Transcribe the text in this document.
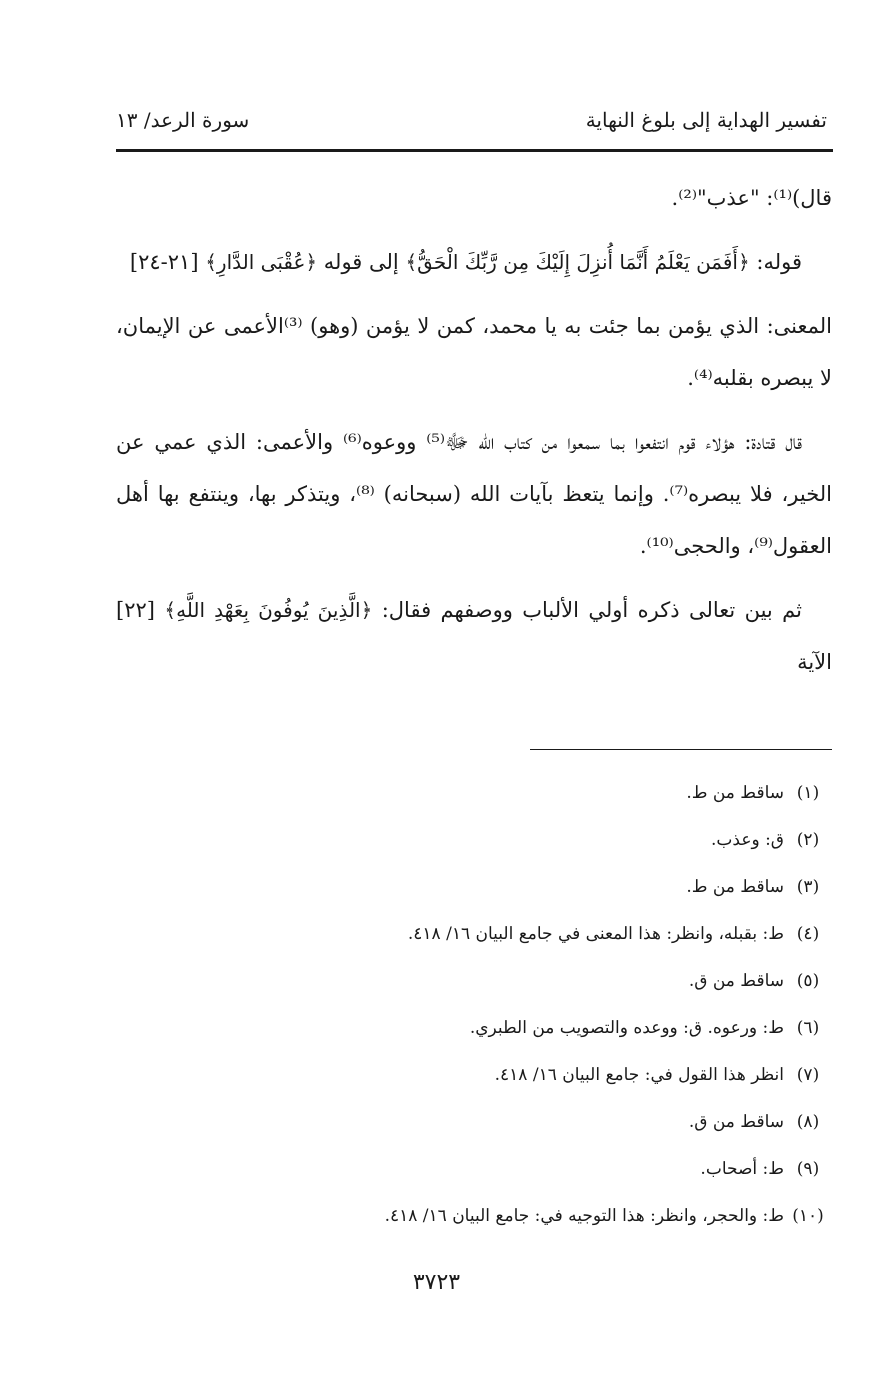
تفسير الهداية إلى بلوغ النهاية
سورة الرعد/ ١٣

قال)⁽¹⁾: "عذب"⁽²⁾.

قوله: ﴿أَفَمَن يَعْلَمُ أَنَّمَا أُنزِلَ إِلَيْكَ مِن رَّبِّكَ الْحَقُّ﴾ إلى قوله ﴿عُقْبَى الدَّارِ﴾ [٢١-٢٤]

المعنى: الذي يؤمن بما جئت به يا محمد، كمن لا يؤمن (وهو) ⁽³⁾الأعمى عن الإيمان، لا يبصره بقلبه⁽⁴⁾.

قال قتادة: هؤلاء قوم انتفعوا بما سمعوا من كتاب الله ﷻ⁽⁵⁾ ووعوه⁽⁶⁾ والأعمى: الذي عمي عن الخير، فلا يبصره⁽⁷⁾. وإنما يتعظ بآيات الله (سبحانه) ⁽⁸⁾، ويتذكر بها، وينتفع بها أهل العقول⁽⁹⁾، والحجى⁽¹⁰⁾.

ثم بين تعالى ذكره أولي الألباب ووصفهم فقال: ﴿الَّذِينَ يُوفُونَ بِعَهْدِ اللَّهِ﴾ [٢٢] الآية

(١)ساقط من ط.
(٢)ق: وعذب.
(٣)ساقط من ط.
(٤)ط: بقبله، وانظر: هذا المعنى في جامع البيان ١٦/ ٤١٨.
(٥)ساقط من ق.
(٦)ط: ورعوه. ق: ووعده والتصويب من الطبري.
(٧)انظر هذا القول في: جامع البيان ١٦/ ٤١٨.
(٨)ساقط من ق.
(٩)ط: أصحاب.
(١٠)ط: والحجر، وانظر: هذا التوجيه في: جامع البيان ١٦/ ٤١٨.
٣٧٢٣
